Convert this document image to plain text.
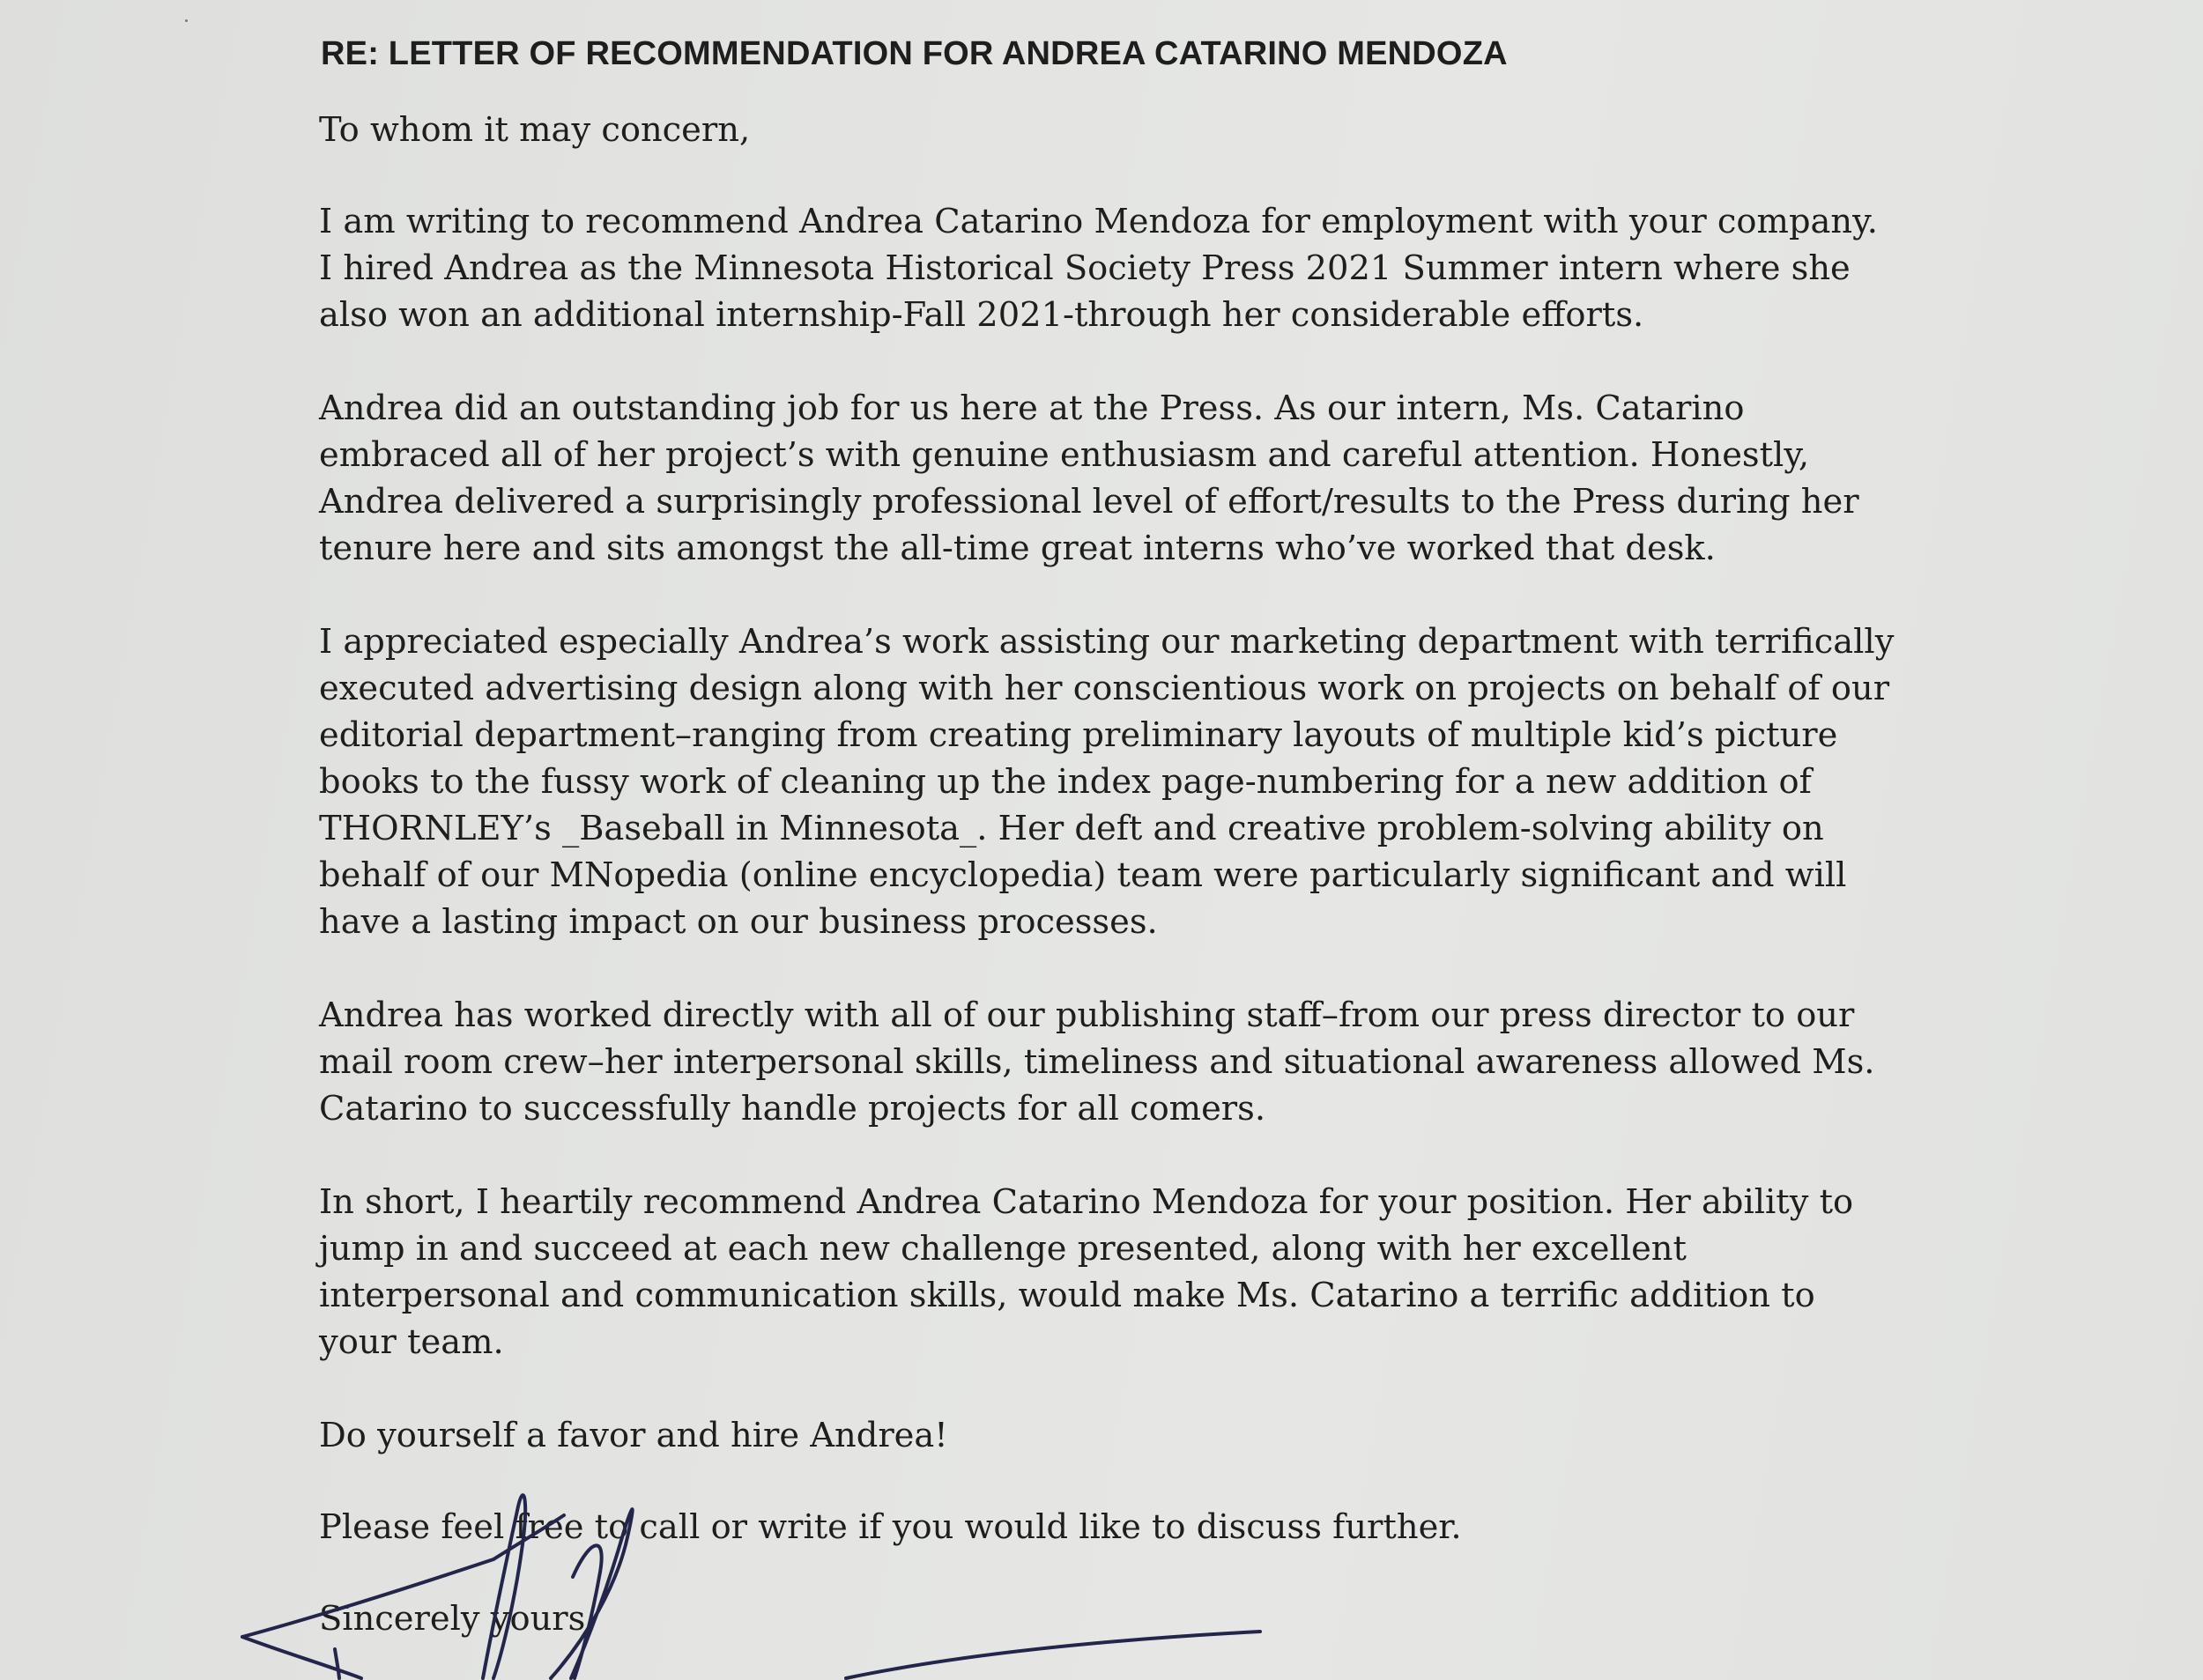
RE: LETTER OF RECOMMENDATION FOR ANDREA CATARINO MENDOZA

To whom it may concern,

I am writing to recommend Andrea Catarino Mendoza for employment with your company. I hired Andrea as the Minnesota Historical Society Press 2021 Summer intern where she also won an additional internship-Fall 2021-through her considerable efforts.

Andrea did an outstanding job for us here at the Press. As our intern, Ms. Catarino embraced all of her project’s with genuine enthusiasm and careful attention. Honestly, Andrea delivered a surprisingly professional level of effort/results to the Press during her tenure here and sits amongst the all-time great interns who’ve worked that desk.

I appreciated especially Andrea’s work assisting our marketing department with terrifically executed advertising design along with her conscientious work on projects on behalf of our editorial department–ranging from creating preliminary layouts of multiple kid’s picture books to the fussy work of cleaning up the index page-numbering for a new addition of THORNLEY’s _Baseball in Minnesota_. Her deft and creative problem-solving ability on behalf of our MNopedia (online encyclopedia) team were particularly significant and will have a lasting impact on our business processes.

Andrea has worked directly with all of our publishing staff–from our press director to our mail room crew–her interpersonal skills, timeliness and situational awareness allowed Ms. Catarino to successfully handle projects for all comers.

In short, I heartily recommend Andrea Catarino Mendoza for your position. Her ability to jump in and succeed at each new challenge presented, along with her excellent interpersonal and communication skills, would make Ms. Catarino a terrific addition to your team.

Do yourself a favor and hire Andrea!

Please feel free to call or write if you would like to discuss further.

Sincerely yours,
